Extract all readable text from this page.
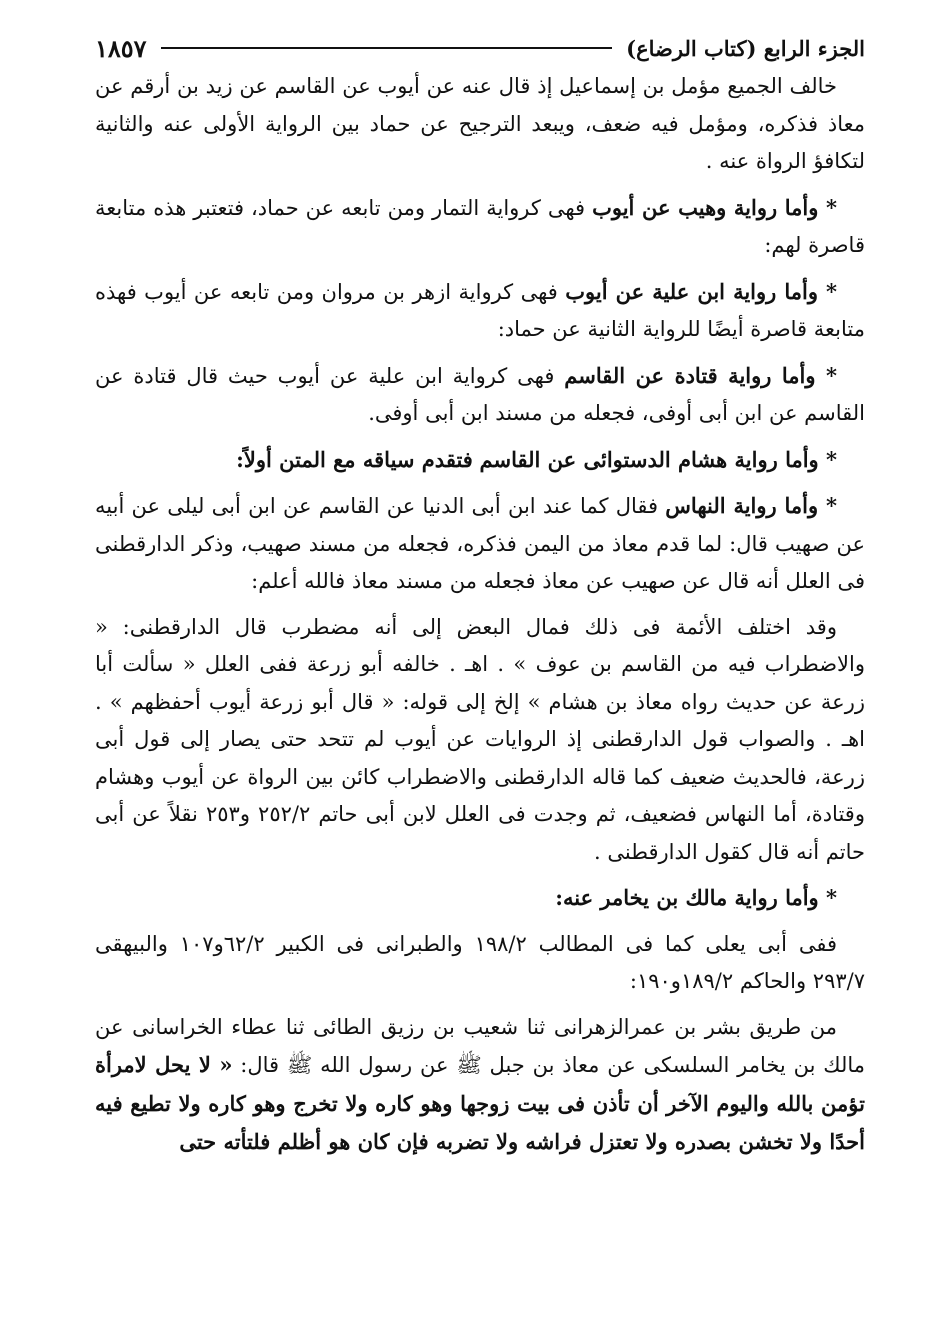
الجزء الرابع (كتاب الرضاع)
١٨٥٧

خالف الجميع مؤمل بن إسماعيل إذ قال عنه عن أيوب عن القاسم عن زيد بن أرقم عن معاذ فذكره، ومؤمل فيه ضعف، ويبعد الترجيح عن حماد بين الرواية الأولى عنه والثانية لتكافؤ الرواة عنه .

* وأما رواية وهيب عن أيوب فهى كرواية التمار ومن تابعه عن حماد، فتعتبر هذه متابعة قاصرة لهم:

* وأما رواية ابن علية عن أيوب فهى كرواية ازهر بن مروان ومن تابعه عن أيوب فهذه متابعة قاصرة أيضًا للرواية الثانية عن حماد:

* وأما رواية قتادة عن القاسم فهى كرواية ابن علية عن أيوب حيث قال قتادة عن القاسم عن ابن أبى أوفى، فجعله من مسند ابن أبى أوفى.

* وأما رواية هشام الدستوائى عن القاسم فتقدم سياقه مع المتن أولاً:

* وأما رواية النهاس فقال كما عند ابن أبى الدنيا عن القاسم عن ابن أبى ليلى عن أبيه عن صهيب قال: لما قدم معاذ من اليمن فذكره، فجعله من مسند صهيب، وذكر الدارقطنى فى العلل أنه قال عن صهيب عن معاذ فجعله من مسند معاذ فالله أعلم:

وقد اختلف الأئمة فى ذلك فمال البعض إلى أنه مضطرب قال الدارقطنى: « والاضطراب فيه من القاسم بن عوف » . اهـ . خالفه أبو زرعة ففى العلل « سألت أبا زرعة عن حديث رواه معاذ بن هشام » إلخ إلى قوله: « قال أبو زرعة أيوب أحفظهم » . اهـ . والصواب قول الدارقطنى إذ الروايات عن أيوب لم تتحد حتى يصار إلى قول أبى زرعة، فالحديث ضعيف كما قاله الدارقطنى والاضطراب كائن بين الرواة عن أيوب وهشام وقتادة، أما النهاس فضعيف، ثم وجدت فى العلل لابن أبى حاتم ٢٥٢/٢ و٢٥٣ نقلاً عن أبى حاتم أنه قال كقول الدارقطنى .

* وأما رواية مالك بن يخامر عنه:

ففى أبى يعلى كما فى المطالب ١٩٨/٢ والطبرانى فى الكبير ٦٢/٢و١٠٧ والبيهقى ٢٩٣/٧ والحاكم ١٨٩/٢و١٩٠:

من طريق بشر بن عمرالزهرانى ثنا شعيب بن رزيق الطائى ثنا عطاء الخراسانى عن مالك بن يخامر السلسكى عن معاذ بن جبل ﷺ عن رسول الله ﷺ قال: « لا يحل لامرأة تؤمن بالله واليوم الآخر أن تأذن فى بيت زوجها وهو كاره ولا تخرج وهو كاره ولا تطيع فيه أحدًا ولا تخشن بصدره ولا تعتزل فراشه ولا تضربه فإن كان هو أظلم فلتأته حتى
